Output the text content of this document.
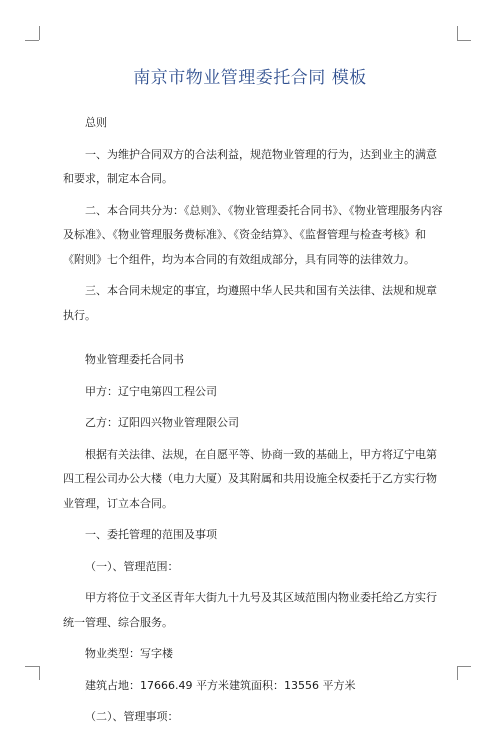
南京市物业管理委托合同 模板

总则

一、为维护合同双方的合法利益，规范物业管理的行为，达到业主的满意和要求，制定本合同。

二、本合同共分为：《总则》、《物业管理委托合同书》、《物业管理服务内容及标准》、《物业管理服务费标准》、《资金结算》、《监督管理与检查考核》和《附则》七个组件，均为本合同的有效组成部分，具有同等的法律效力。

三、本合同未规定的事宜，均遵照中华人民共和国有关法律、法规和规章执行。

物业管理委托合同书

甲方：辽宁电第四工程公司

乙方：辽阳四兴物业管理限公司

根据有关法律、法规，在自愿平等、协商一致的基础上，甲方将辽宁电第四工程公司办公大楼（电力大厦）及其附属和共用设施全权委托于乙方实行物业管理，订立本合同。

一、委托管理的范围及事项

（一）、管理范围：

甲方将位于文圣区青年大街九十九号及其区域范围内物业委托给乙方实行统一管理、综合服务。

物业类型：写字楼

建筑占地：17666.49 平方米建筑面积：13556 平方米

（二）、管理事项：
